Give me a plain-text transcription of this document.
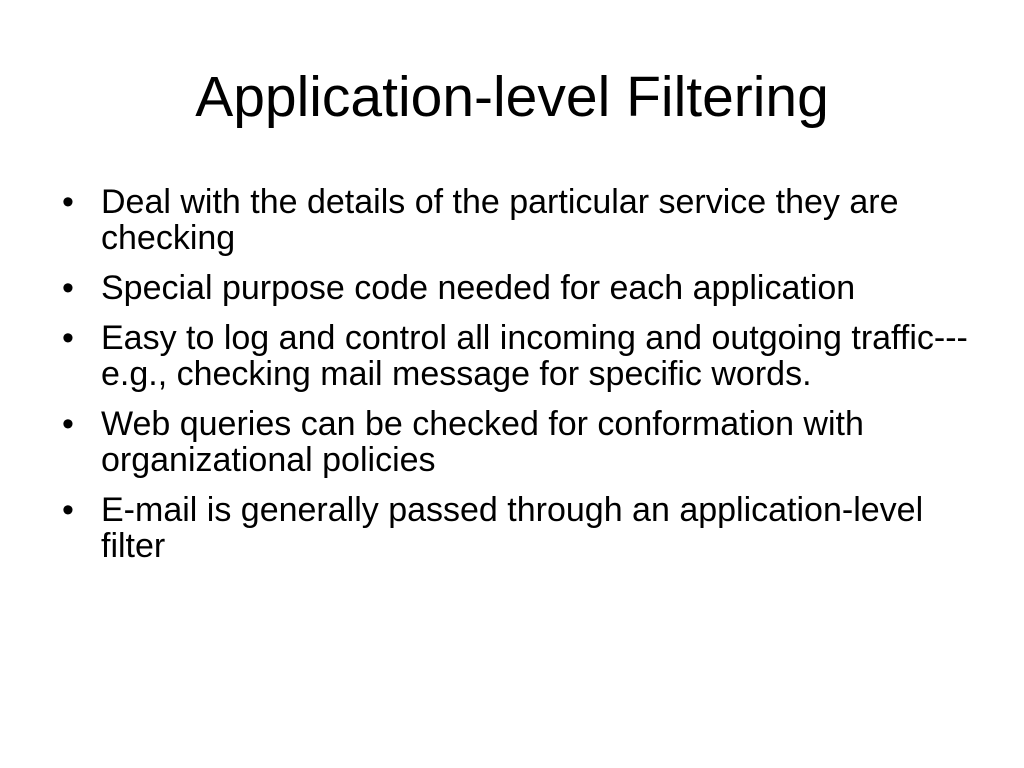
Application-level Filtering
• Deal with the details of the particular service they are checking
• Special purpose code needed for each application
• Easy to log and control all incoming and outgoing traffic---e.g., checking mail message for specific words.
• Web queries can be checked for conformation with organizational policies
• E-mail is generally passed through an application-level filter
